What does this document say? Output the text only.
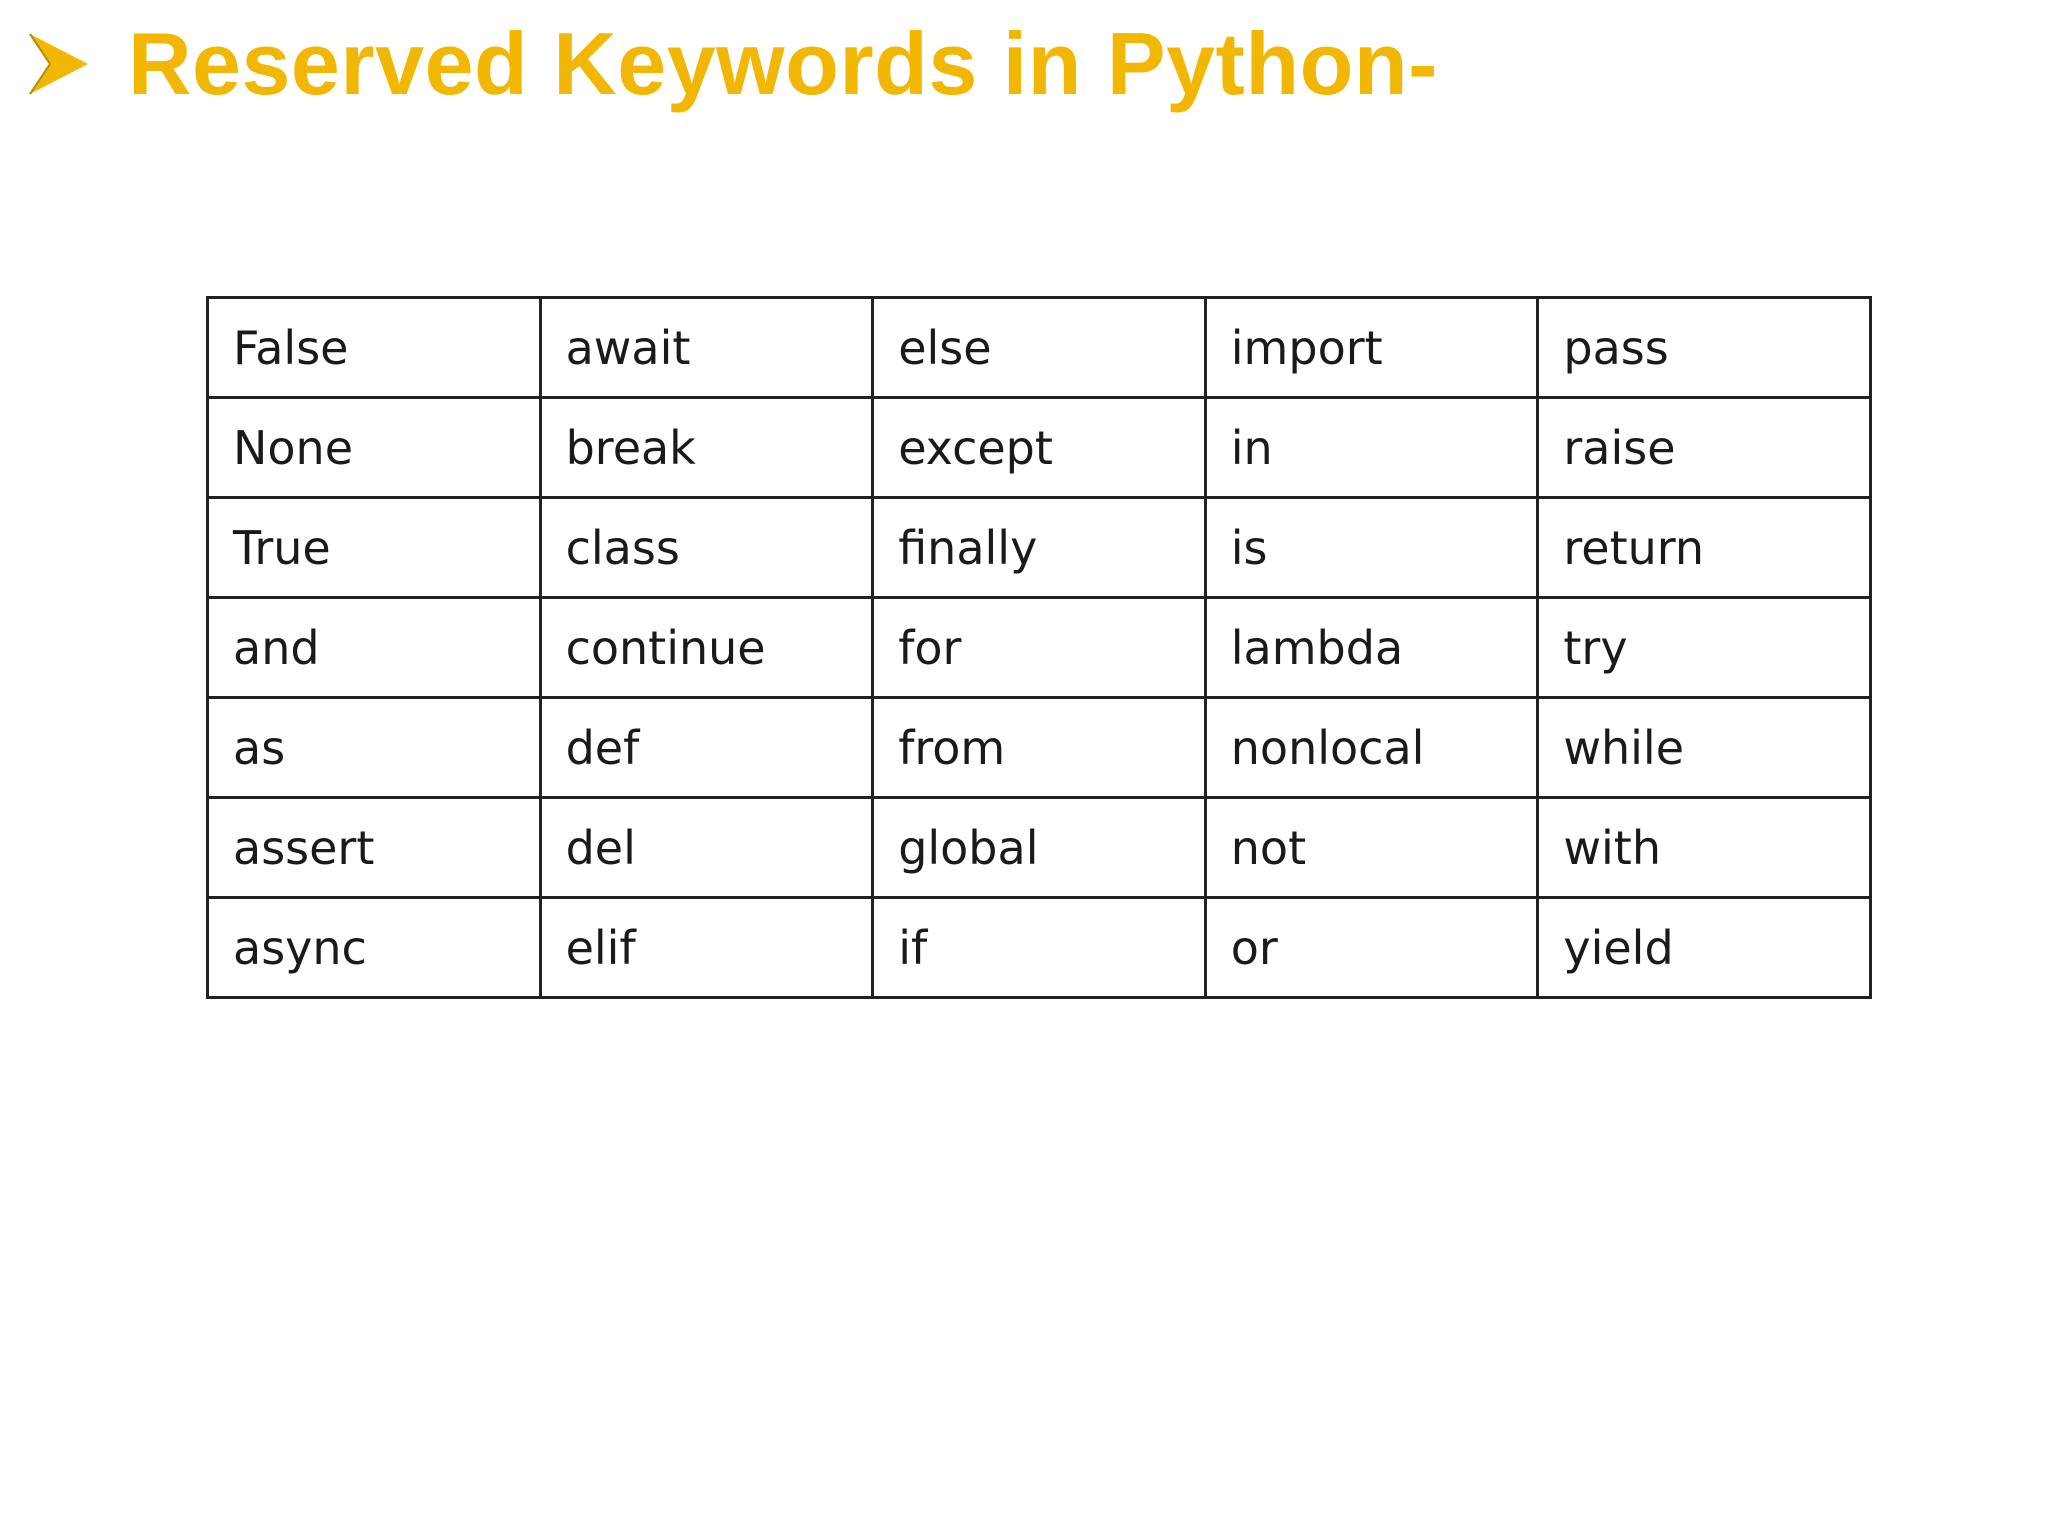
Reserved Keywords in Python-
False	await	else	import	pass
None	break	except	in	raise
True	class	finally	is	return
and	continue	for	lambda	try
as	def	from	nonlocal	while
assert	del	global	not	with
async	elif	if	or	yield
